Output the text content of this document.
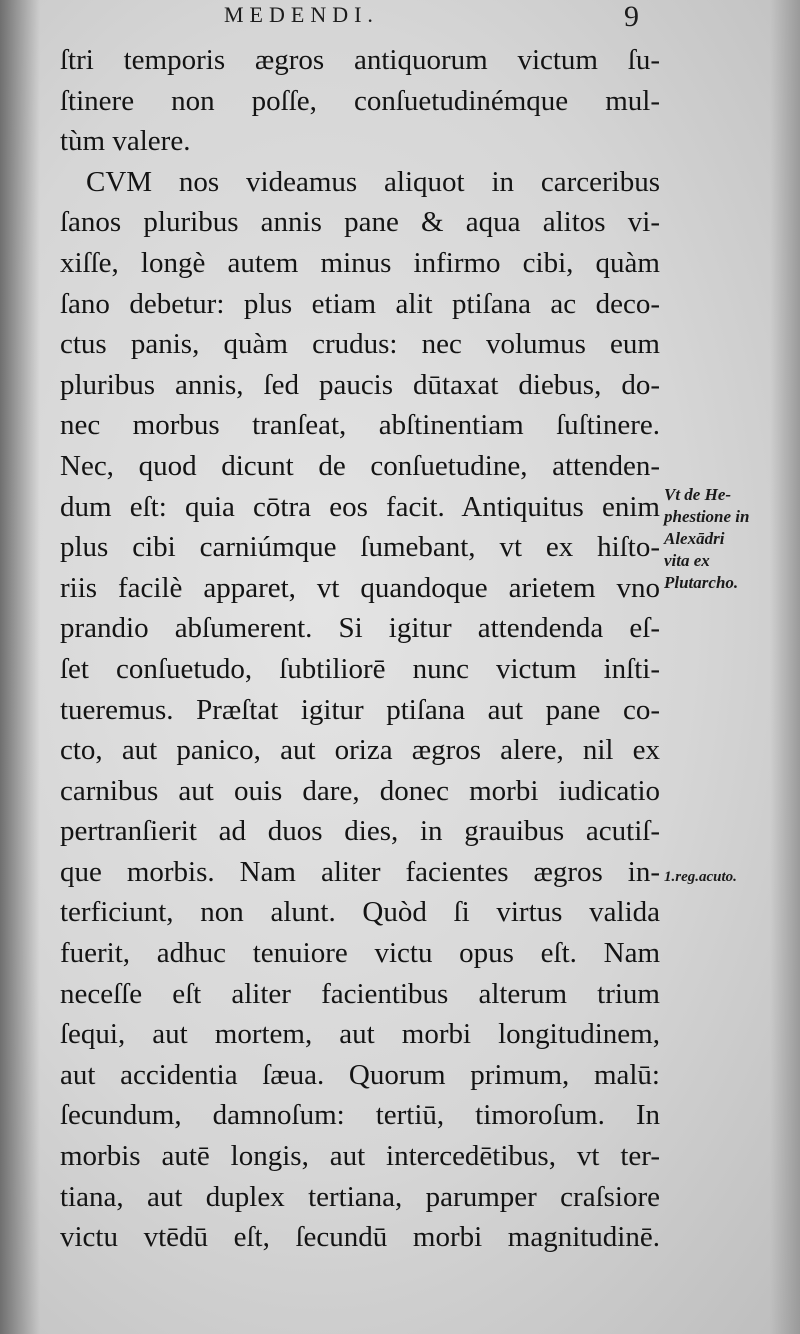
MEDENDI.	9
ſtri temporis ægros antiquorum victum ſu-
ſtinere non poſſe, conſuetudinémque mul-
tùm valere.
CVM nos videamus aliquot in carceribus
ſanos pluribus annis pane & aqua alitos vi-
xiſſe, longè autem minus infirmo cibi, quàm
ſano debetur: plus etiam alit ptiſana ac deco-
ctus panis, quàm crudus: nec volumus eum
pluribus annis, ſed paucis dūtaxat diebus, do-
nec morbus tranſeat, abſtinentiam ſuſtinere.
Nec, quod dicunt de conſuetudine, attenden-
dum eſt: quia cōtra eos facit. Antiquitus enim
plus cibi carniúmque ſumebant, vt ex hiſto-
riis facilè apparet, vt quandoque arietem vno
prandio abſumerent. Si igitur attendenda eſ-
ſet conſuetudo, ſubtiliorē nunc victum inſti-
tueremus. Præſtat igitur ptiſana aut pane co-
cto, aut panico, aut oriza ægros alere, nil ex
carnibus aut ouis dare, donec morbi iudicatio
pertranſierit ad duos dies, in grauibus acutiſ-
que morbis. Nam aliter facientes ægros in-
terficiunt, non alunt. Quòd ſi virtus valida
fuerit, adhuc tenuiore victu opus eſt. Nam
neceſſe eſt aliter facientibus alterum trium
ſequi, aut mortem, aut morbi longitudinem,
aut accidentia ſæua. Quorum primum, malū:
ſecundum, damnoſum: tertiū, timoroſum. In
morbis autē longis, aut intercedētibus, vt ter-
tiana, aut duplex tertiana, parumper craſsiore
victu vtēdū eſt, ſecundū morbi magnitudinē.
Vt de He-
phestione in
Alexādri
vita ex
Plutarcho.
1.reg.acuto.
